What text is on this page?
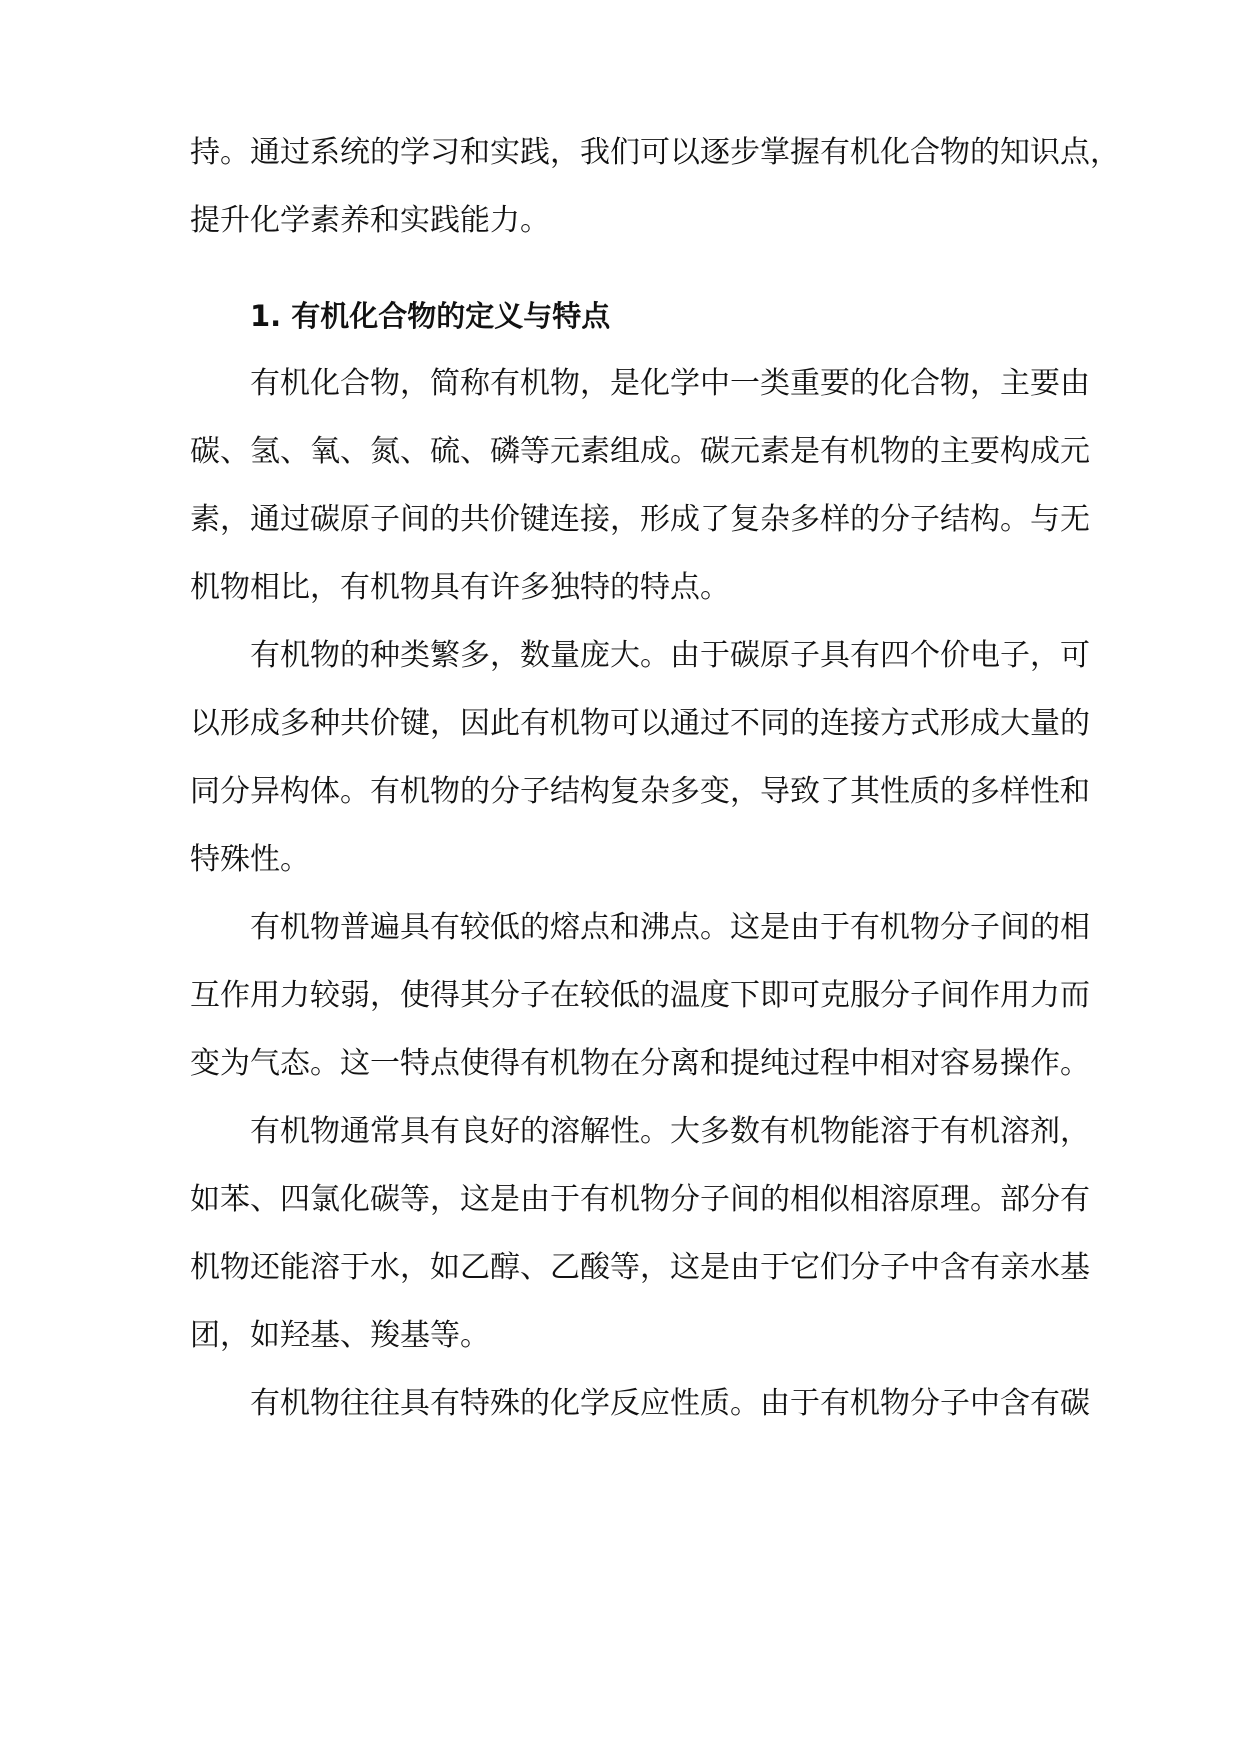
持 。 通 过 系 统 的 学 习 和 实 践 ， 我 们 可 以 逐 步 掌 握 有 机 化 合 物 的 知 识 点 ，
提升化学素养和实践能力。
1. 有机化合物的定义与特点
有 机 化 合 物 ， 简 称 有 机 物 ， 是 化 学 中 一 类 重 要 的 化 合 物 ， 主 要 由
碳 、 氢 、 氧 、 氮 、 硫 、 磷 等 元 素 组 成 。 碳 元 素 是 有 机 物 的 主 要 构 成 元
素 ， 通 过 碳 原 子 间 的 共 价 键 连 接 ， 形 成 了 复 杂 多 样 的 分 子 结 构 。 与 无
机物相比，有机物具有许多独特的特点。
有 机 物 的 种 类 繁 多 ， 数 量 庞 大 。 由 于 碳 原 子 具 有 四 个 价 电 子 ， 可
以 形 成 多 种 共 价 键 ， 因 此 有 机 物 可 以 通 过 不 同 的 连 接 方 式 形 成 大 量 的
同 分 异 构 体 。 有 机 物 的 分 子 结 构 复 杂 多 变 ， 导 致 了 其 性 质 的 多 样 性 和
特殊性。
有 机 物 普 遍 具 有 较 低 的 熔 点 和 沸 点 。 这 是 由 于 有 机 物 分 子 间 的 相
互 作 用 力 较 弱 ， 使 得 其 分 子 在 较 低 的 温 度 下 即 可 克 服 分 子 间 作 用 力 而
变 为 气 态 。 这 一 特 点 使 得 有 机 物 在 分 离 和 提 纯 过 程 中 相 对 容 易 操 作 。
有 机 物 通 常 具 有 良 好 的 溶 解 性 。 大 多 数 有 机 物 能 溶 于 有 机 溶 剂 ，
如 苯 、 四 氯 化 碳 等 ， 这 是 由 于 有 机 物 分 子 间 的 相 似 相 溶 原 理 。 部 分 有
机 物 还 能 溶 于 水 ， 如 乙 醇 、 乙 酸 等 ， 这 是 由 于 它 们 分 子 中 含 有 亲 水 基
团，如羟基、羧基等。
有 机 物 往 往 具 有 特 殊 的 化 学 反 应 性 质 。 由 于 有 机 物 分 子 中 含 有 碳
